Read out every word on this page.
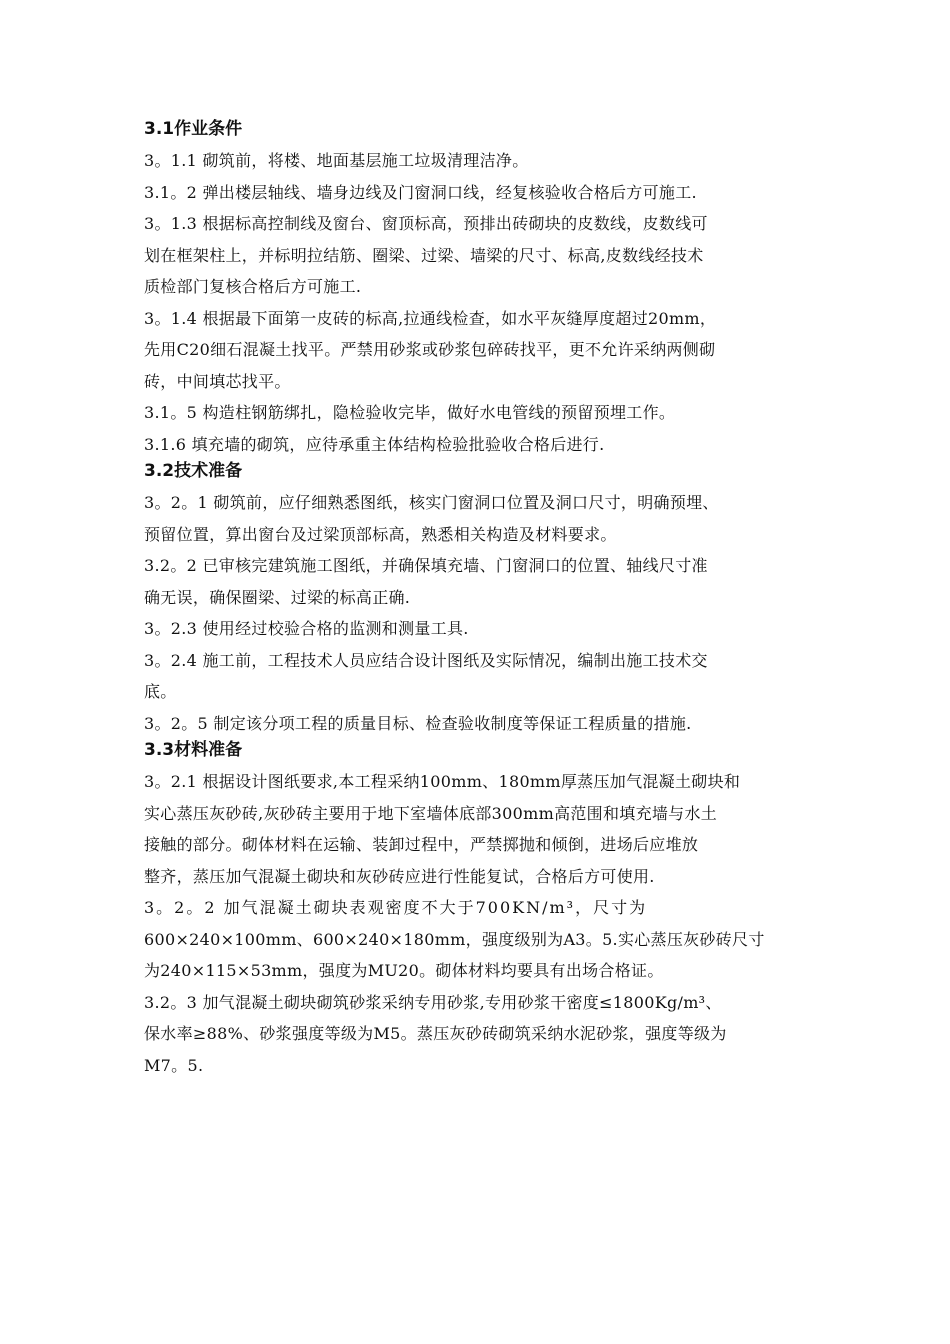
3.1作业条件

3。1.1 砌筑前，将楼、地面基层施工垃圾清理洁净。

3.1。2 弹出楼层轴线、墙身边线及门窗洞口线，经复核验收合格后方可施工.

3。1.3 根据标高控制线及窗台、窗顶标高，预排出砖砌块的皮数线，皮数线可
划在框架柱上，并标明拉结筋、圈梁、过梁、墙梁的尺寸、标高,皮数线经技术
质检部门复核合格后方可施工.

3。1.4 根据最下面第一皮砖的标高,拉通线检查，如水平灰缝厚度超过20mm，
先用C20细石混凝土找平。严禁用砂浆或砂浆包碎砖找平，更不允许采纳两侧砌
砖，中间填芯找平。

3.1。5 构造柱钢筋绑扎，隐检验收完毕，做好水电管线的预留预埋工作。

3.1.6 填充墙的砌筑，应待承重主体结构检验批验收合格后进行.

3.2技术准备

3。2。1 砌筑前，应仔细熟悉图纸，核实门窗洞口位置及洞口尺寸，明确预埋、
预留位置，算出窗台及过梁顶部标高，熟悉相关构造及材料要求。

3.2。2 已审核完建筑施工图纸，并确保填充墙、门窗洞口的位置、轴线尺寸准
确无误，确保圈梁、过梁的标高正确.

3。2.3 使用经过校验合格的监测和测量工具.

3。2.4 施工前，工程技术人员应结合设计图纸及实际情况，编制出施工技术交
底。

3。2。5 制定该分项工程的质量目标、检查验收制度等保证工程质量的措施.

3.3材料准备

3。2.1 根据设计图纸要求,本工程采纳100mm、180mm厚蒸压加气混凝土砌块和
实心蒸压灰砂砖,灰砂砖主要用于地下室墙体底部300mm高范围和填充墙与水土
接触的部分。砌体材料在运输、装卸过程中，严禁掷抛和倾倒，进场后应堆放
整齐，蒸压加气混凝土砌块和灰砂砖应进行性能复试，合格后方可使用.

3。2。2 加气混凝土砌块表观密度不大于700KN/m³，尺寸为

600×240×100mm、600×240×180mm，强度级别为A3。5.实心蒸压灰砂砖尺寸
为240×115×53mm，强度为MU20。砌体材料均要具有出场合格证。

3.2。3 加气混凝土砌块砌筑砂浆采纳专用砂浆,专用砂浆干密度≤1800Kg/m³、
保水率≥88%、砂浆强度等级为M5。蒸压灰砂砖砌筑采纳水泥砂浆，强度等级为
M7。5.
